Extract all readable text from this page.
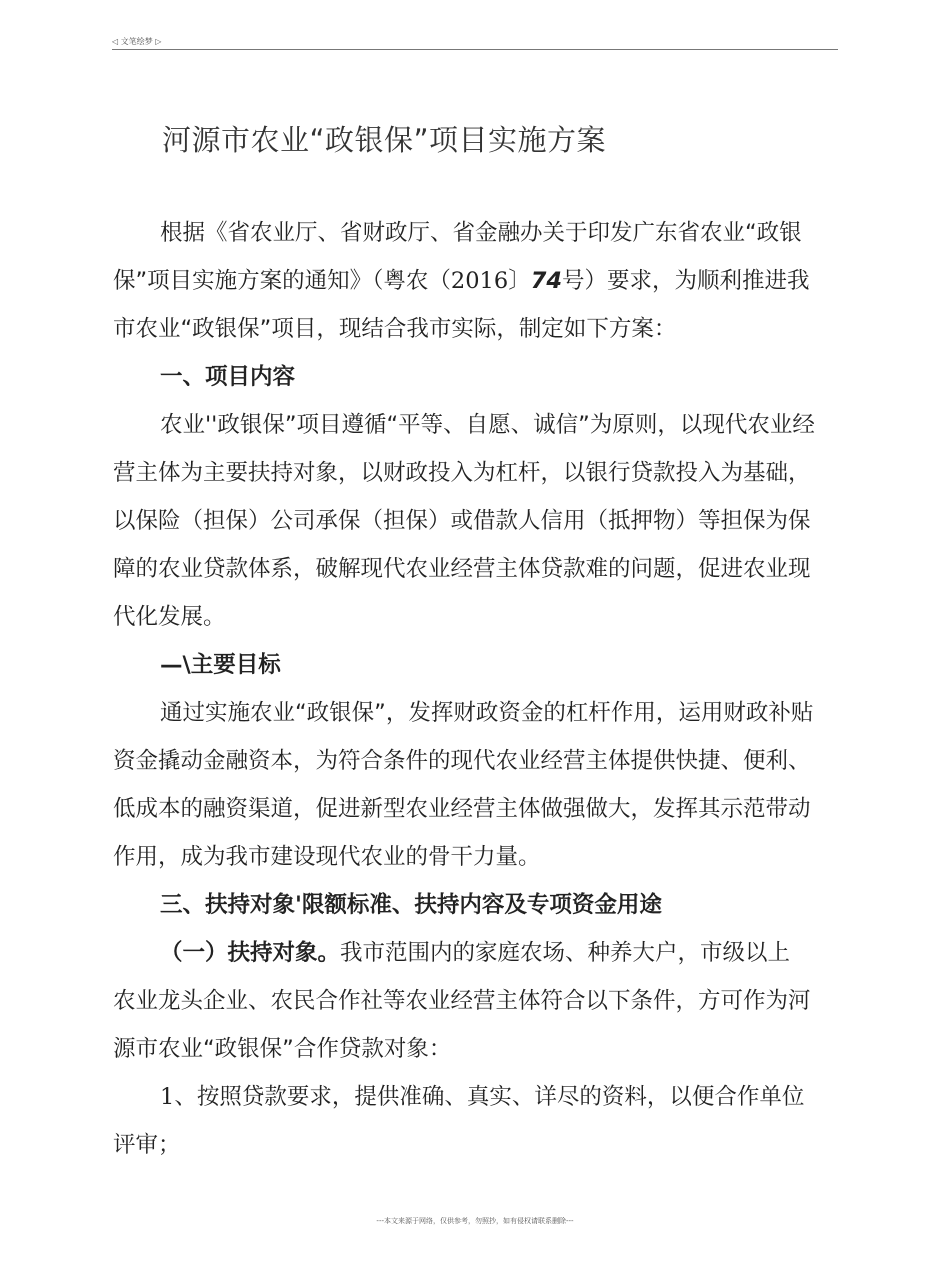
◁ 文笔绘梦 ▷
河源市农业“政银保”项目实施方案
根据《省农业厅、省财政厅、省金融办关于印发广东省农业“政银
保”项目实施方案的通知》（粤农（2016〕74号）要求，为顺利推进我
市农业“政银保”项目，现结合我市实际，制定如下方案：
一、项目内容
农业''政银保”项目遵循“平等、自愿、诚信”为原则，以现代农业经
营主体为主要扶持对象，以财政投入为杠杆，以银行贷款投入为基础，
以保险（担保）公司承保（担保）或借款人信用（抵押物）等担保为保
障的农业贷款体系，破解现代农业经营主体贷款难的问题，促进农业现
代化发展。
—\主要目标
通过实施农业“政银保”，发挥财政资金的杠杆作用，运用财政补贴
资金撬动金融资本，为符合条件的现代农业经营主体提供快捷、便利、
低成本的融资渠道，促进新型农业经营主体做强做大，发挥其示范带动
作用，成为我市建设现代农业的骨干力量。
三、扶持对象'限额标准、扶持内容及专项资金用途
（一）扶持对象。我市范围内的家庭农场、种养大户，市级以上
农业龙头企业、农民合作社等农业经营主体符合以下条件，方可作为河
源市农业“政银保”合作贷款对象：
1、按照贷款要求，提供准确、真实、详尽的资料，以便合作单位
评审；
---本文来源于网络，仅供参考，勿照抄，如有侵权请联系删除---
